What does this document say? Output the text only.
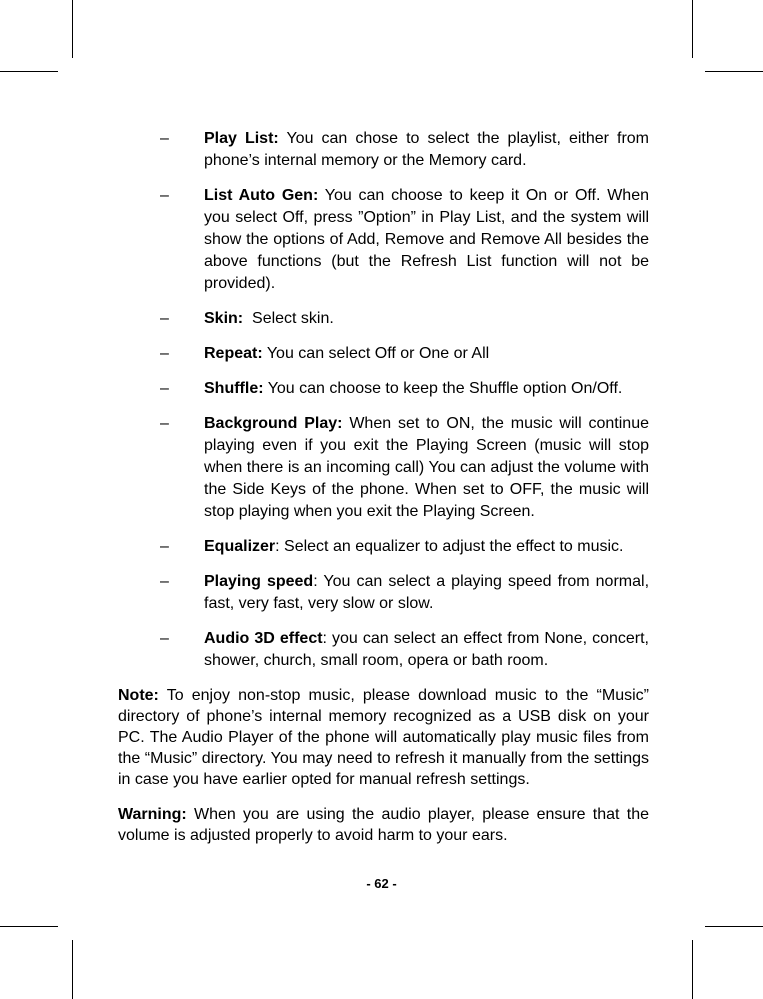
– Play List: You can chose to select the playlist, either from phone’s internal memory or the Memory card.
– List Auto Gen: You can choose to keep it On or Off. When you select Off, press ”Option” in Play List, and the system will show the options of Add, Remove and Remove All besides the above functions (but the Refresh List function will not be provided).
– Skin:  Select skin.
– Repeat: You can select Off or One or All
– Shuffle: You can choose to keep the Shuffle option On/Off.
– Background Play: When set to ON, the music will continue playing even if you exit the Playing Screen (music will stop when there is an incoming call) You can adjust the volume with the Side Keys of the phone. When set to OFF, the music will stop playing when you exit the Playing Screen.
– Equalizer: Select an equalizer to adjust the effect to music.
– Playing speed: You can select a playing speed from normal, fast, very fast, very slow or slow.
– Audio 3D effect: you can select an effect from None, concert, shower, church, small room, opera or bath room.

Note: To enjoy non-stop music, please download music to the “Music” directory of phone’s internal memory recognized as a USB disk on your PC. The Audio Player of the phone will automatically play music files from the “Music” directory. You may need to refresh it manually from the settings in case you have earlier opted for manual refresh settings.

Warning: When you are using the audio player, please ensure that the volume is adjusted properly to avoid harm to your ears.

- 62 -
